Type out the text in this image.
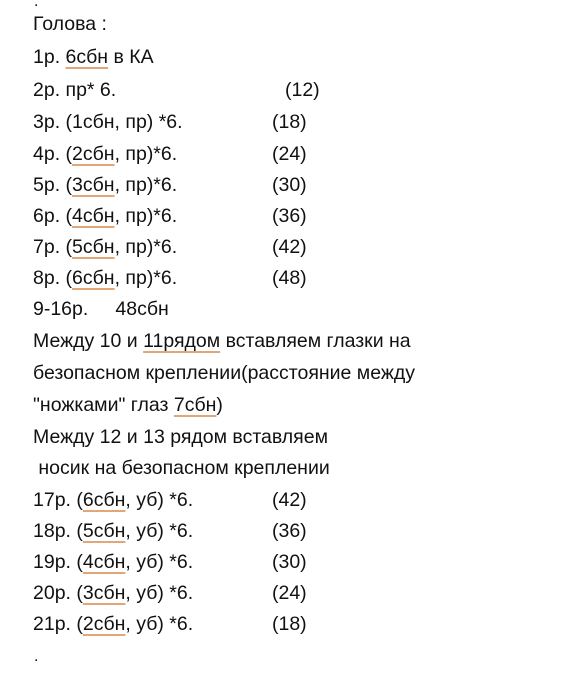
.
Голова :
1р. 6сбн в КА
2р. пр* 6.	(12)
3р. (1сбн, пр) *6.	(18)
4р. (2сбн, пр)*6.	(24)
5р. (3сбн, пр)*6.	(30)
6р. (4сбн, пр)*6.	(36)
7р. (5сбн, пр)*6.	(42)
8р. (6сбн, пр)*6.	(48)
9-16р.     48сбн
Между 10 и 11рядом вставляем глазки на
безопасном креплении(расстояние между
"ножками" глаз 7сбн)
Между 12 и 13 рядом вставляем
носик на безопасном креплении
17р. (6сбн, уб) *6.	(42)
18р. (5сбн, уб) *6.	(36)
19р. (4сбн, уб) *6.	(30)
20р. (3сбн, уб) *6.	(24)
21р. (2сбн, уб) *6.	(18)
.
